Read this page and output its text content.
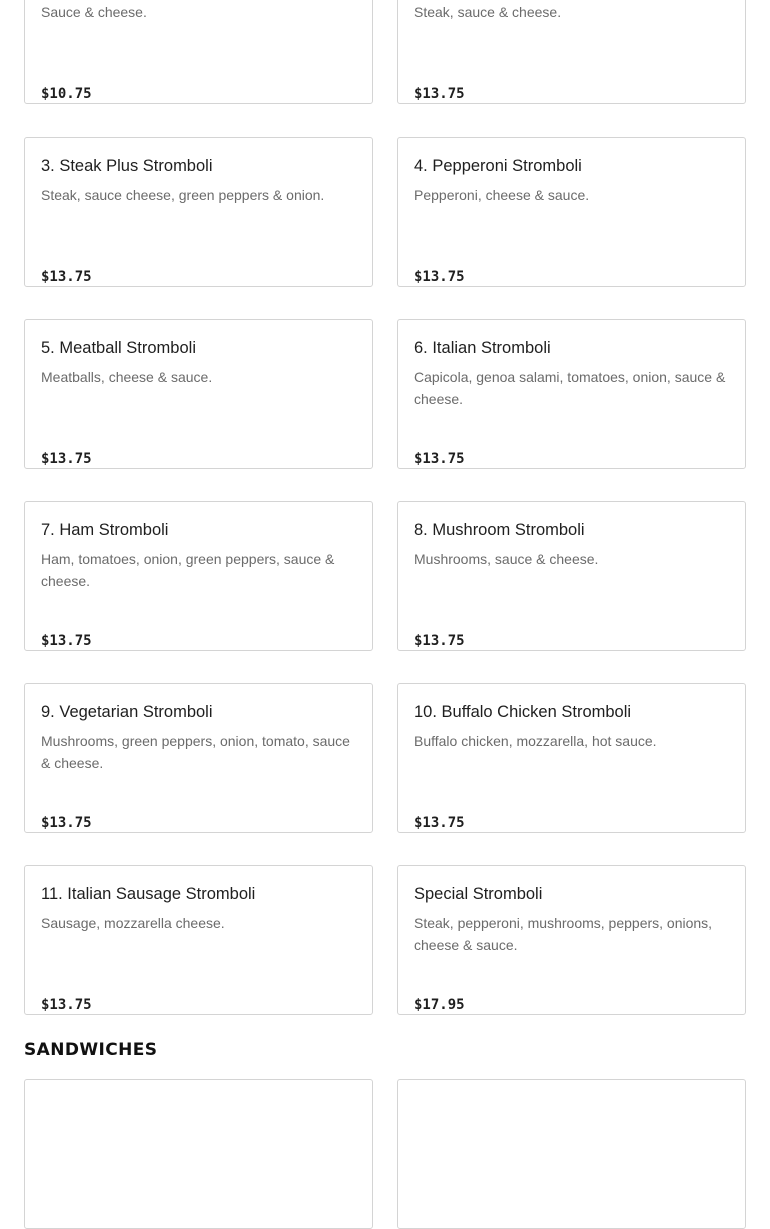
Sauce & cheese.
$10.75
Steak, sauce & cheese.
$13.75
3. Steak Plus Stromboli
Steak, sauce cheese, green peppers & onion.
$13.75
4. Pepperoni Stromboli
Pepperoni, cheese & sauce.
$13.75
5. Meatball Stromboli
Meatballs, cheese & sauce.
$13.75
6. Italian Stromboli
Capicola, genoa salami, tomatoes, onion, sauce & cheese.
$13.75
7. Ham Stromboli
Ham, tomatoes, onion, green peppers, sauce & cheese.
$13.75
8. Mushroom Stromboli
Mushrooms, sauce & cheese.
$13.75
9. Vegetarian Stromboli
Mushrooms, green peppers, onion, tomato, sauce & cheese.
$13.75
10. Buffalo Chicken Stromboli
Buffalo chicken, mozzarella, hot sauce.
$13.75
11. Italian Sausage Stromboli
Sausage, mozzarella cheese.
$13.75
Special Stromboli
Steak, pepperoni, mushrooms, peppers, onions, cheese & sauce.
$17.95
SANDWICHES
